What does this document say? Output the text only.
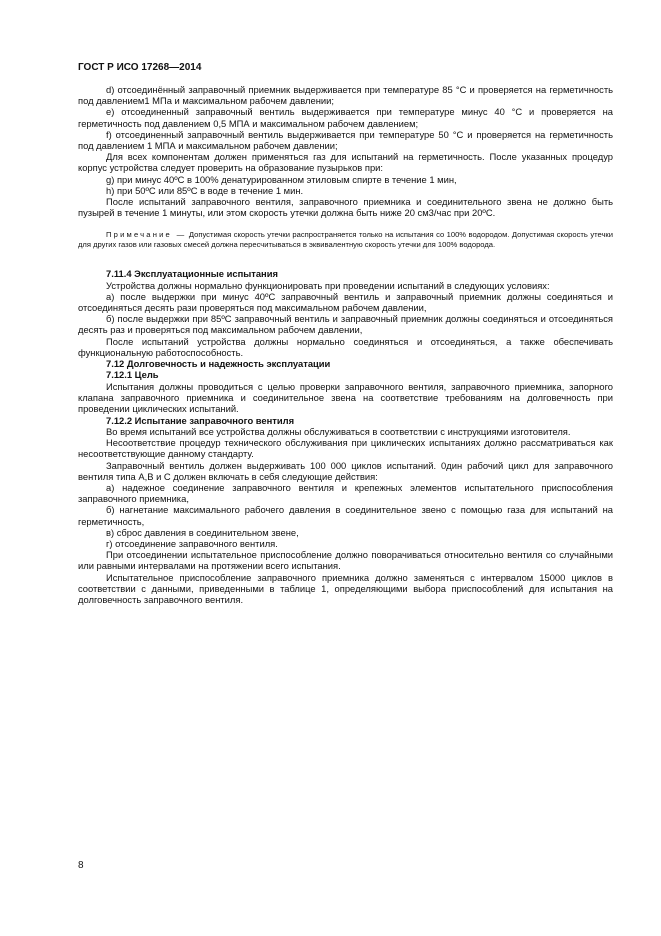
ГОСТ Р ИСО 17268—2014

d) отсоединённый заправочный приемник выдерживается при температуре 85 °С и проверяется на герметичность под давлением1 МПа и максимальном рабочем давлении;

e) отсоединенный заправочный вентиль выдерживается при температуре минус 40 °С и проверяется на герметичность под давлением 0,5 МПА и максимальном рабочем давлением;

f) отсоединенный заправочный вентиль выдерживается при температуре 50 °С и проверяется на герметичность под давлением 1 МПА и максимальном рабочем давлении;

Для всех компонентам должен применяться газ для испытаний на герметичность. После указанных процедур корпус устройства следует проверить на образование пузырьков при:

g) при минус 40ºС в 100% денатурированном этиловым спирте в течение 1 мин,

h) при 50ºС или 85ºС в воде в течение 1 мин.

После испытаний заправочного вентиля, заправочного приемника и соединительного звена не должно быть пузырей в течение 1 минуты, или этом скорость утечки должна быть ниже 20 см3/час при 20ºС.

Примечание — Допустимая скорость утечки распространяется только на испытания со 100% водородом. Допустимая скорость утечки для других газов или газовых смесей должна пересчитываться в эквивалентную скорость утечки для 100% водорода.

7.11.4 Эксплуатационные испытания

Устройства должны нормально функционировать при проведении испытаний в следующих условиях:

а) после выдержки при минус 40ºС заправочный вентиль и заправочный приемник должны соединяться и отсоединяться десять рази проверяться под максимальном рабочем давлении,

б) после выдержки при 85ºС заправочный вентиль и заправочный приемник должны соединяться и отсоединяться десять раз и проверяться под максимальном рабочем давлении,

После испытаний устройства должны нормально соединяться и отсоединяться, а также обеспечивать функциональную работоспособность.

7.12 Долговечность и надежность эксплуатации

7.12.1 Цель

Испытания должны проводиться с целью проверки заправочного вентиля, заправочного приемника, запорного клапана заправочного приемника и соединительное звена на соответствие требованиям на долговечность при проведении циклических испытаний.

7.12.2 Испытание заправочного вентиля

Во время испытаний все устройства должны обслуживаться в соответствии с инструкциями изготовителя.

Несоответствие процедур технического обслуживания при циклических испытаниях должно рассматриваться как несоответствующие данному стандарту.

Заправочный вентиль должен выдерживать 100 000 циклов испытаний. 0дин рабочий цикл для заправочного вентиля типа А,В и С должен включать в себя следующие действия:

а) надежное соединение заправочного вентиля и крепежных элементов испытательного приспособления заправочного приемника,

б) нагнетание максимального рабочего давления в соединительное звено с помощью газа для испытаний на герметичность,

в) сброс давления в соединительном звене,

г) отсоединение заправочного вентиля.

При отсоединении испытательное приспособление должно поворачиваться относительно вентиля со случайными или равными интервалами на протяжении всего испытания.

Испытательное приспособление заправочного приемника должно заменяться с интервалом 15000 циклов в соответствии с данными, приведенными в таблице 1, определяющими выбора приспособлений для испытания на долговечность заправочного вентиля.

8
